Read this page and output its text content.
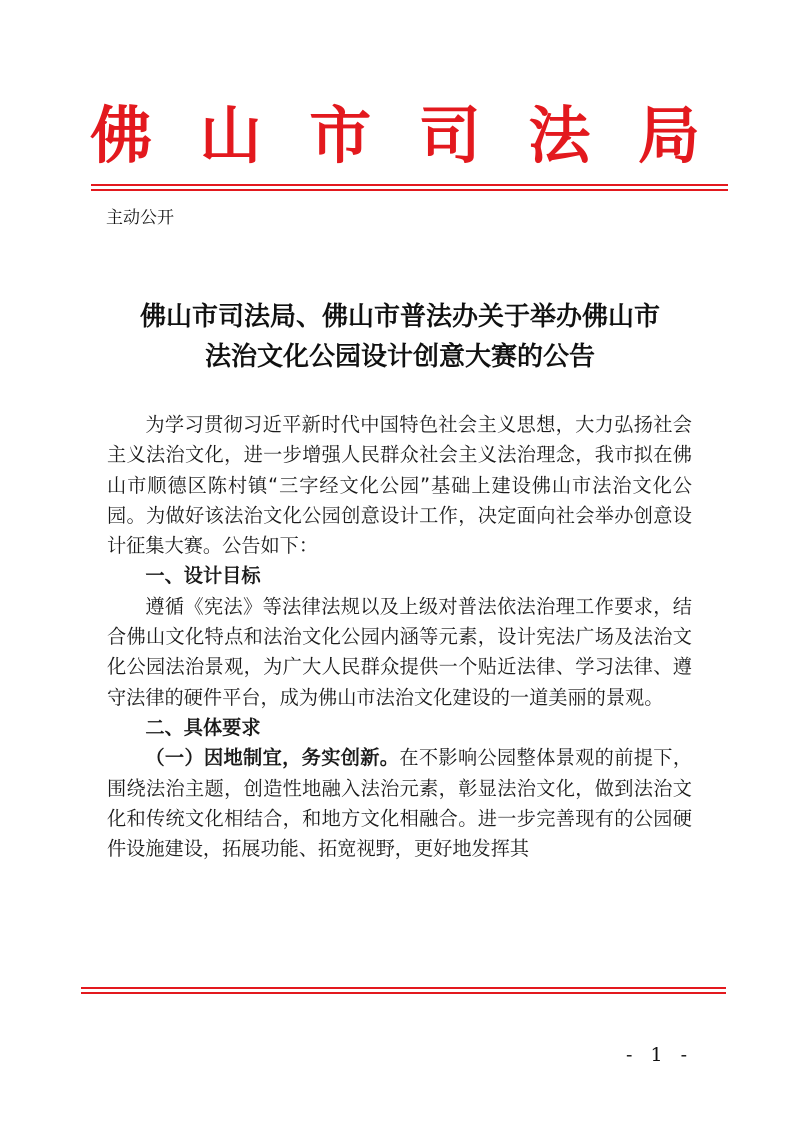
佛 山 市 司 法 局
主动公开
佛山市司法局、佛山市普法办关于举办佛山市
法治文化公园设计创意大赛的公告

为学习贯彻习近平新时代中国特色社会主义思想，大力弘扬社会主义法治文化，进一步增强人民群众社会主义法治理念，我市拟在佛山市顺德区陈村镇“三字经文化公园”基础上建设佛山市法治文化公园。为做好该法治文化公园创意设计工作，决定面向社会举办创意设计征集大赛。公告如下：

一、设计目标

遵循《宪法》等法律法规以及上级对普法依法治理工作要求，结合佛山文化特点和法治文化公园内涵等元素，设计宪法广场及法治文化公园法治景观，为广大人民群众提供一个贴近法律、学习法律、遵守法律的硬件平台，成为佛山市法治文化建设的一道美丽的景观。

二、具体要求

（一）因地制宜，务实创新。在不影响公园整体景观的前提下，围绕法治主题，创造性地融入法治元素，彰显法治文化，做到法治文化和传统文化相结合，和地方文化相融合。进一步完善现有的公园硬件设施建设，拓展功能、拓宽视野，更好地发挥其

- 1 -
